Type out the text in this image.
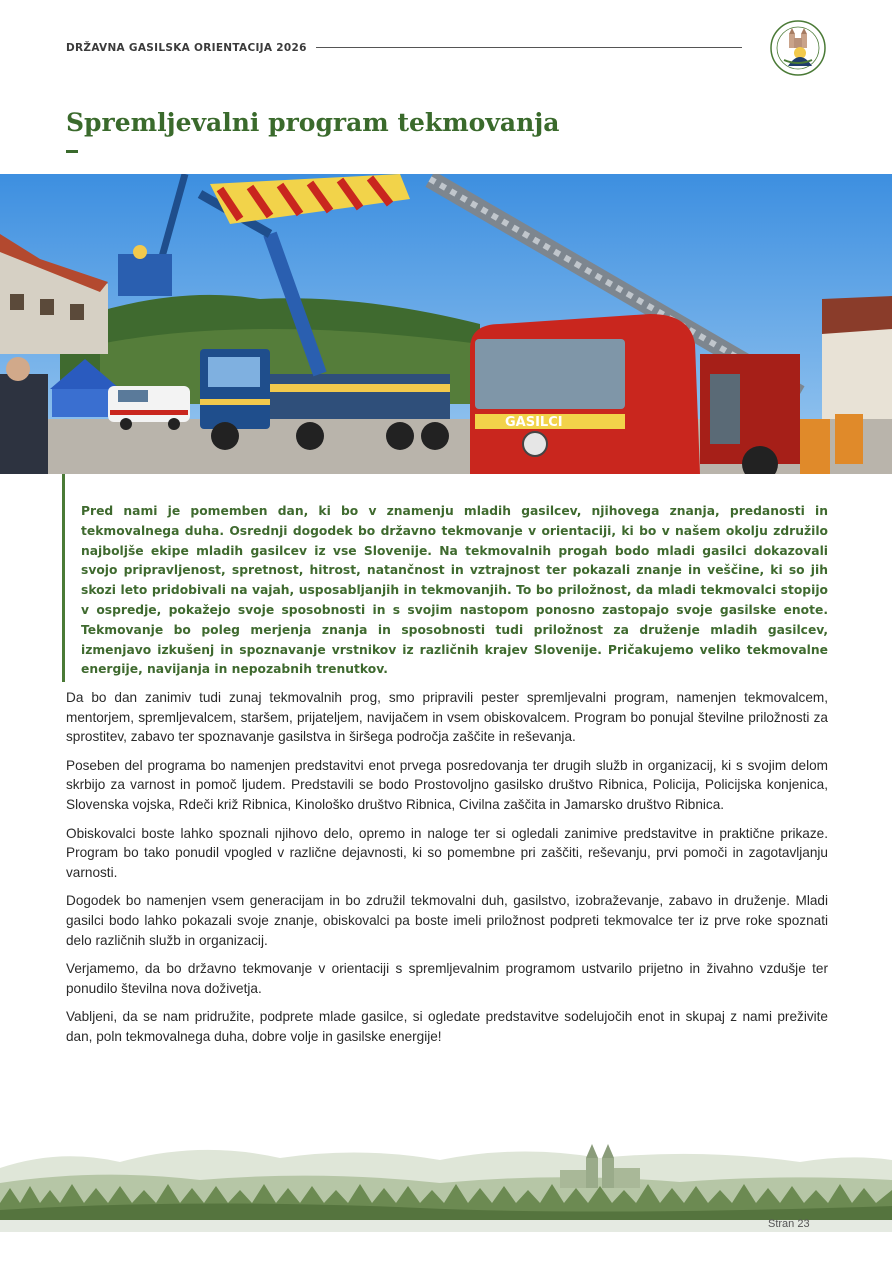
DRŽAVNA GASILSKA ORIENTACIJA 2026
Spremljevalni program tekmovanja
GASILCI

Pred nami je pomemben dan, ki bo v znamenju mladih gasilcev, njihovega znanja, predanosti in tekmovalnega duha. Osrednji dogodek bo državno tekmovanje v orientaciji, ki bo v našem okolju združilo najboljše ekipe mladih gasilcev iz vse Slovenije. Na tekmovalnih progah bodo mladi gasilci dokazovali svojo pripravljenost, spretnost, hitrost, natančnost in vztrajnost ter pokazali znanje in veščine, ki so jih skozi leto pridobivali na vajah, usposabljanjih in tekmovanjih. To bo priložnost, da mladi tekmovalci stopijo v ospredje, pokažejo svoje sposobnosti in s svojim nastopom ponosno zastopajo svoje gasilske enote. Tekmovanje bo poleg merjenja znanja in sposobnosti tudi priložnost za druženje mladih gasilcev, izmenjavo izkušenj in spoznavanje vrstnikov iz različnih krajev Slovenije. Pričakujemo veliko tekmovalne energije, navijanja in nepozabnih trenutkov.

Da bo dan zanimiv tudi zunaj tekmovalnih prog, smo pripravili pester spremljevalni program, namenjen tekmovalcem, mentorjem, spremljevalcem, staršem, prijateljem, navijačem in vsem obiskovalcem. Program bo ponujal številne priložnosti za sprostitev, zabavo ter spoznavanje gasilstva in širšega področja zaščite in reševanja.

Poseben del programa bo namenjen predstavitvi enot prvega posredovanja ter drugih služb in organizacij, ki s svojim delom skrbijo za varnost in pomoč ljudem. Predstavili se bodo Prostovoljno gasilsko društvo Ribnica, Policija, Policijska konjenica, Slovenska vojska, Rdeči križ Ribnica, Kinološko društvo Ribnica, Civilna zaščita in Jamarsko društvo Ribnica.

Obiskovalci boste lahko spoznali njihovo delo, opremo in naloge ter si ogledali zanimive predstavitve in praktične prikaze. Program bo tako ponudil vpogled v različne dejavnosti, ki so pomembne pri zaščiti, reševanju, prvi pomoči in zagotavljanju varnosti.

Dogodek bo namenjen vsem generacijam in bo združil tekmovalni duh, gasilstvo, izobraževanje, zabavo in druženje. Mladi gasilci bodo lahko pokazali svoje znanje, obiskovalci pa boste imeli priložnost podpreti tekmovalce ter iz prve roke spoznati delo različnih služb in organizacij.

Verjamemo, da bo državno tekmovanje v orientaciji s spremljevalnim programom ustvarilo prijetno in živahno vzdušje ter ponudilo številna nova doživetja.

Vabljeni, da se nam pridružite, podprete mlade gasilce, si ogledate predstavitve sodelujočih enot in skupaj z nami preživite dan, poln tekmovalnega duha, dobre volje in gasilske energije!

Stran 23
